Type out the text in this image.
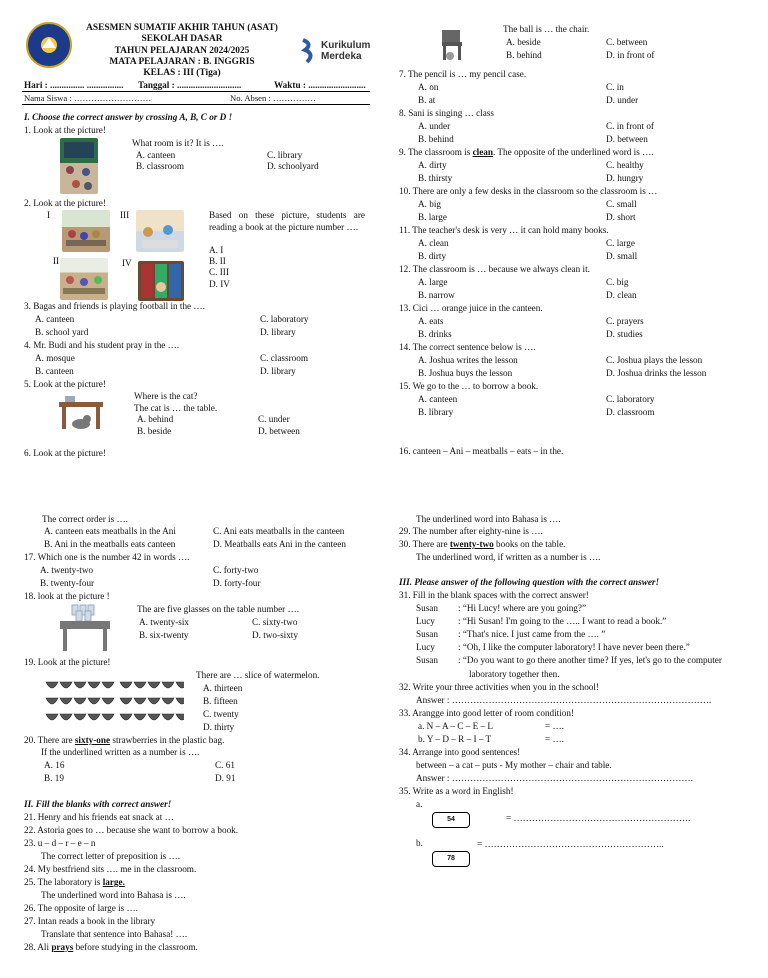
ASESMEN SUMATIF AKHIR TAHUN (ASAT)
SEKOLAH DASAR
TAHUN PELAJARAN 2024/2025
MATA PELAJARAN : B. INGGRIS
KELAS : III (Tiga)
Kurikulum
Merdeka
Hari : ............... ................ Tanggal : ............................	Waktu : .........................
Nama Siswa : ………………………	No. Absen : ……………
I. Choose the correct answer by crossing A, B, C or D !
1. Look at the picture!
What room is it? It is ….
A. canteen
B. classroom
C. library
D. schoolyard
2. Look at the picture!
I	III
II	IV
Based on these picture, students are reading a book at the picture number ….
A. I
B. II
C. III
D. IV
3. Bagas and friends is playing football in the ….
A. canteen
B. school yard
C. laboratory
D. library
4. Mr. Budi and his student pray in the ….
A. mosque
B. canteen
C. classroom
D. library
5. Look at the picture!
Where is the cat?
The cat is … the table.
A. behind
B. beside
C. under
D. between
6. Look at the picture!
The correct order is ….
A. canteen eats meatballs in the Ani
B. Ani in the meatballs eats canteen
C. Ani eats meatballs in the canteen
D. Meatballs eats Ani in the canteen
17. Which one is the number 42 in words ….
A. twenty-two
B. twenty-four
C. forty-two
D. forty-four
18. look at the picture !
The are five glasses on the table number ….
A. twenty-six
B. six-twenty
C. sixty-two
D. two-sixty
19. Look at the picture!
There are … slice of watermelon.
A. thirteen
B. fifteen
C. twenty
D. thirty
20. There are sixty-one strawberries in the plastic bag.
If the underlined written as a number is ….
A. 16
B. 19
C. 61
D. 91
II. Fill the blanks with correct answer!
21. Henry and his friends eat snack at …
22. Astoria goes to … because she want to borrow a book.
23. u – d – r – e – n
The correct letter of preposition is ….
24. My bestfriend sits …. me in the classroom.
25. The laboratory is large.
The underlined word into Bahasa is ….
26. The opposite of large is ….
27. Intan reads a book in the library
Translate that sentence into Bahasa! ….
28. Ali prays before studying in the classroom.
The ball is … the chair.
A. beside
B. behind
C. between
D. in front of
7. The pencil is … my pencil case.
A. on
B. at
C. in
D. under
8. Sani is singing … class
A. under
B. behind
C. in front of
D. between
9. The classroom is clean. The opposite of the underlined word is ….
A. dirty
B. thirsty
C. healthy
D. hungry
10. There are only a few desks in the classroom so the classroom is …
A. big
B. large
C. small
D. short
11. The teacher's desk is very … it can hold many books.
A. clean
B. dirty
C. large
D. small
12. The classroom is … because we always clean it.
A. large
B. narrow
C. big
D. clean
13. Cici … orange juice in the canteen.
A. eats
B. drinks
C. prayers
D. studies
14. The correct sentence below is ….
A. Joshua writes the lesson
B. Joshua buys the lesson
C. Joshua plays the lesson
D. Joshua drinks the lesson
15. We go to the … to borrow a book.
A. canteen
B. library
C. laboratory
D. classroom
16. canteen – Ani – meatballs – eats – in the.
The underlined word into Bahasa is ….
29. The number after eighty-nine is ….
30. There are twenty-two books on the table.
The underlined word, if written as a number is ….
III. Please answer of the following question with the correct answer!
31. Fill in the blank spaces with the correct answer!
Susan : “Hi Lucy! where are you going?”
Lucy	: “Hi Susan! I'm going to the ….. I want to read a book.”
Susan : “That's nice. I just came from the …. ”
Lucy	: “Oh, I like the computer laboratory! I have never been there.”
Susan : “Do you want to go there another time? If yes, let's go to the computer
laboratory together then.
32. Write your three activities when you in the school!
Answer : ………………………………………………………………………….
33. Arangge into good letter of room condition!
a. N – A – C – E – L	= ….
b. Y – D – R – I – T	= ….
34. Arrange into good sentences!
between – a cat – puts - My mother – chair and table.
Answer : …………………………………………………………………….
35. Write as a word in English!
a.
54	= ………………………………………………….
b.
78
= …………………………………………………..
